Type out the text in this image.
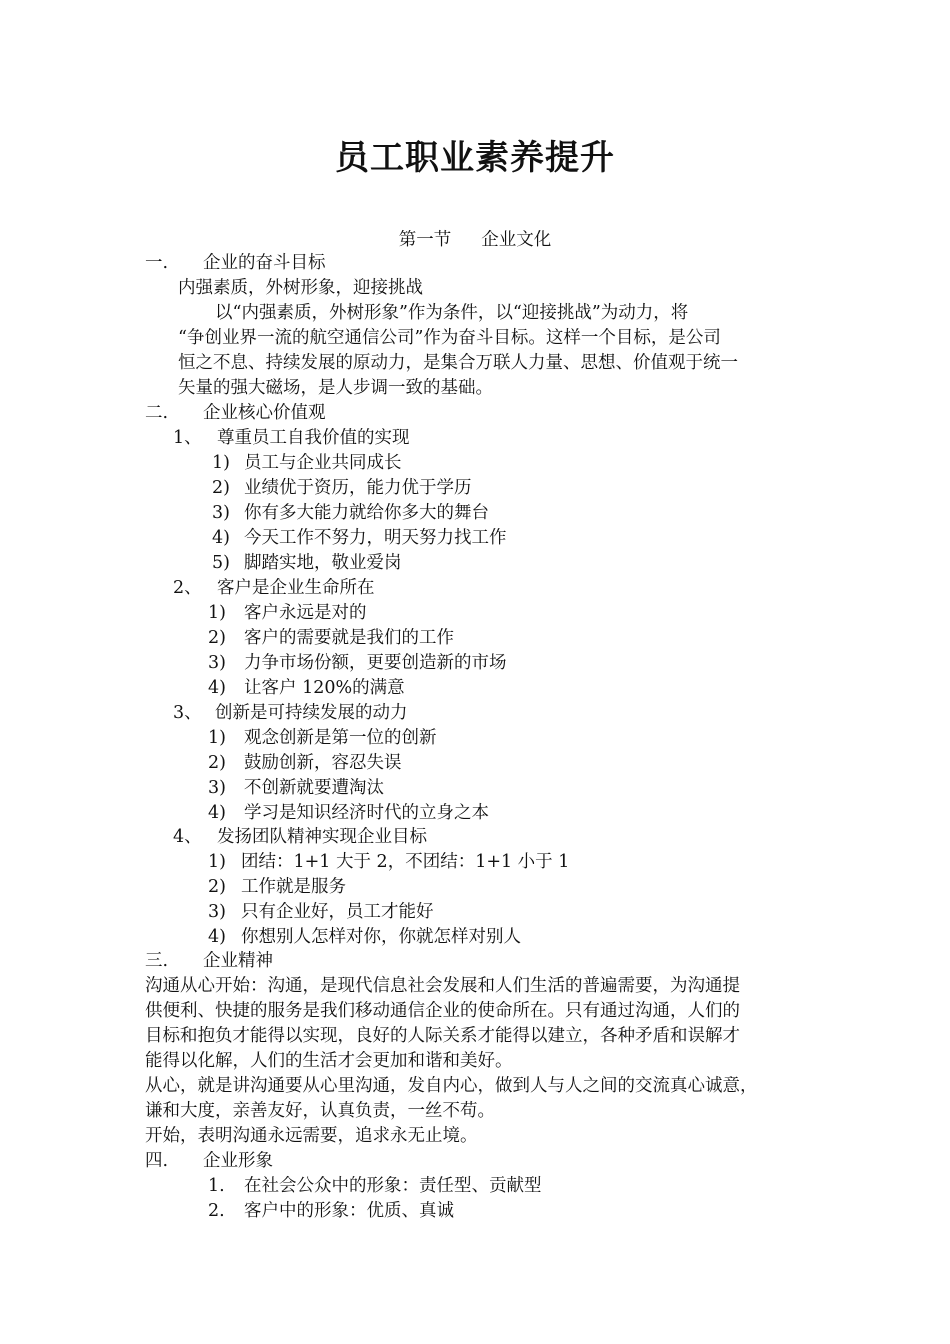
员工职业素养提升
第一节 企业文化
一. 企业的奋斗目标
内强素质，外树形象，迎接挑战
以“内强素质，外树形象”作为条件，以“迎接挑战”为动力，将
“争创业界一流的航空通信公司”作为奋斗目标。这样一个目标，是公司
恒之不息、持续发展的原动力，是集合万联人力量、思想、价值观于统一
矢量的强大磁场，是人步调一致的基础。
二. 企业核心价值观
1、 尊重员工自我价值的实现
1) 员工与企业共同成长
2) 业绩优于资历，能力优于学历
3) 你有多大能力就给你多大的舞台
4) 今天工作不努力，明天努力找工作
5) 脚踏实地，敬业爱岗
2、 客户是企业生命所在
1) 客户永远是对的
2) 客户的需要就是我们的工作
3) 力争市场份额，更要创造新的市场
4) 让客户 120%的满意
3、 创新是可持续发展的动力
1) 观念创新是第一位的创新
2) 鼓励创新，容忍失误
3) 不创新就要遭淘汰
4) 学习是知识经济时代的立身之本
4、 发扬团队精神实现企业目标
1) 团结：1+1 大于 2，不团结：1+1 小于 1
2) 工作就是服务
3) 只有企业好，员工才能好
4) 你想别人怎样对你，你就怎样对别人
三. 企业精神
沟通从心开始：沟通，是现代信息社会发展和人们生活的普遍需要，为沟通提
供便利、快捷的服务是我们移动通信企业的使命所在。只有通过沟通，人们的
目标和抱负才能得以实现，良好的人际关系才能得以建立，各种矛盾和误解才
能得以化解，人们的生活才会更加和谐和美好。
从心，就是讲沟通要从心里沟通，发自内心，做到人与人之间的交流真心诚意，
谦和大度，亲善友好，认真负责，一丝不苟。
开始，表明沟通永远需要，追求永无止境。
四. 企业形象
1. 在社会公众中的形象：责任型、贡献型
2. 客户中的形象：优质、真诚
